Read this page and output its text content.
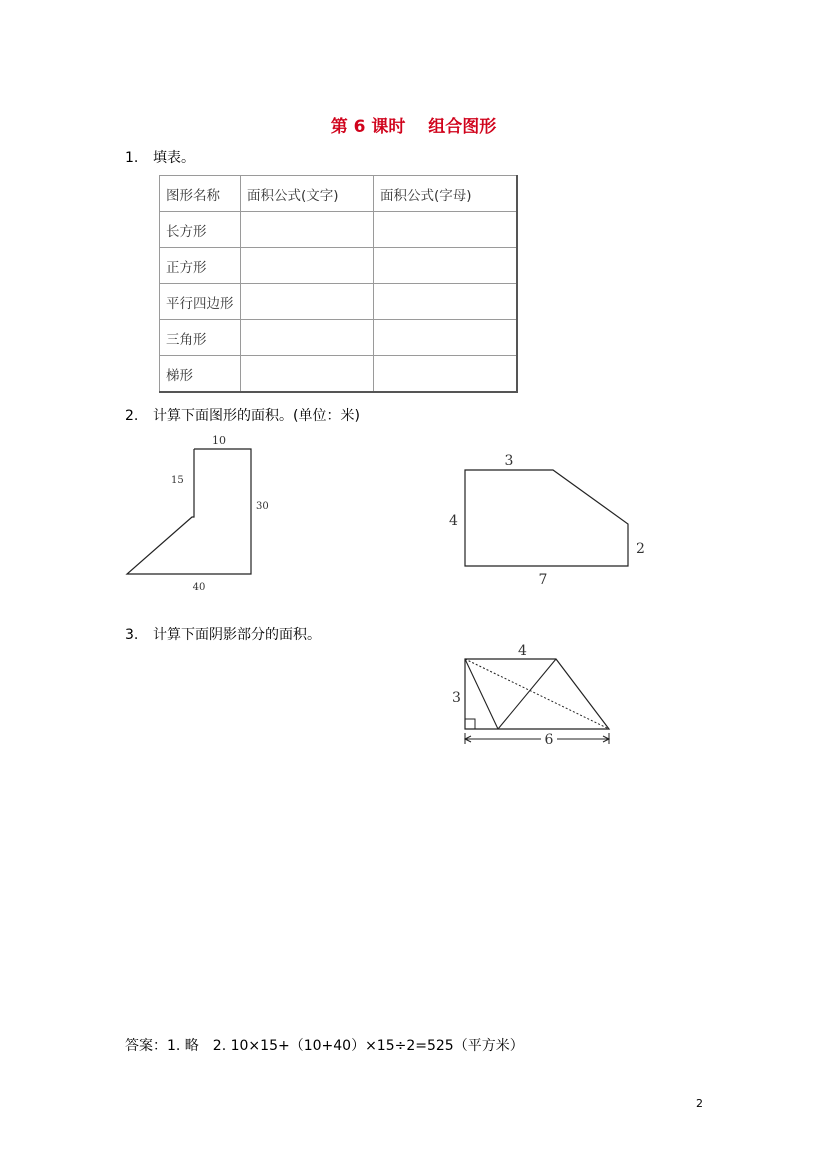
第 6 课时　 组合图形
1. 填表。
图形名称	面积公式(文字)	面积公式(字母)
长方形		
正方形		
平行四边形		
三角形		
梯形		
2. 计算下面图形的面积。(单位：米)
10
15
30
40
3
4
2
7
3. 计算下面阴影部分的面积。
4
3
6
答案：1. 略　2. 10×15+（10+40）×15÷2=525（平方米）
2
